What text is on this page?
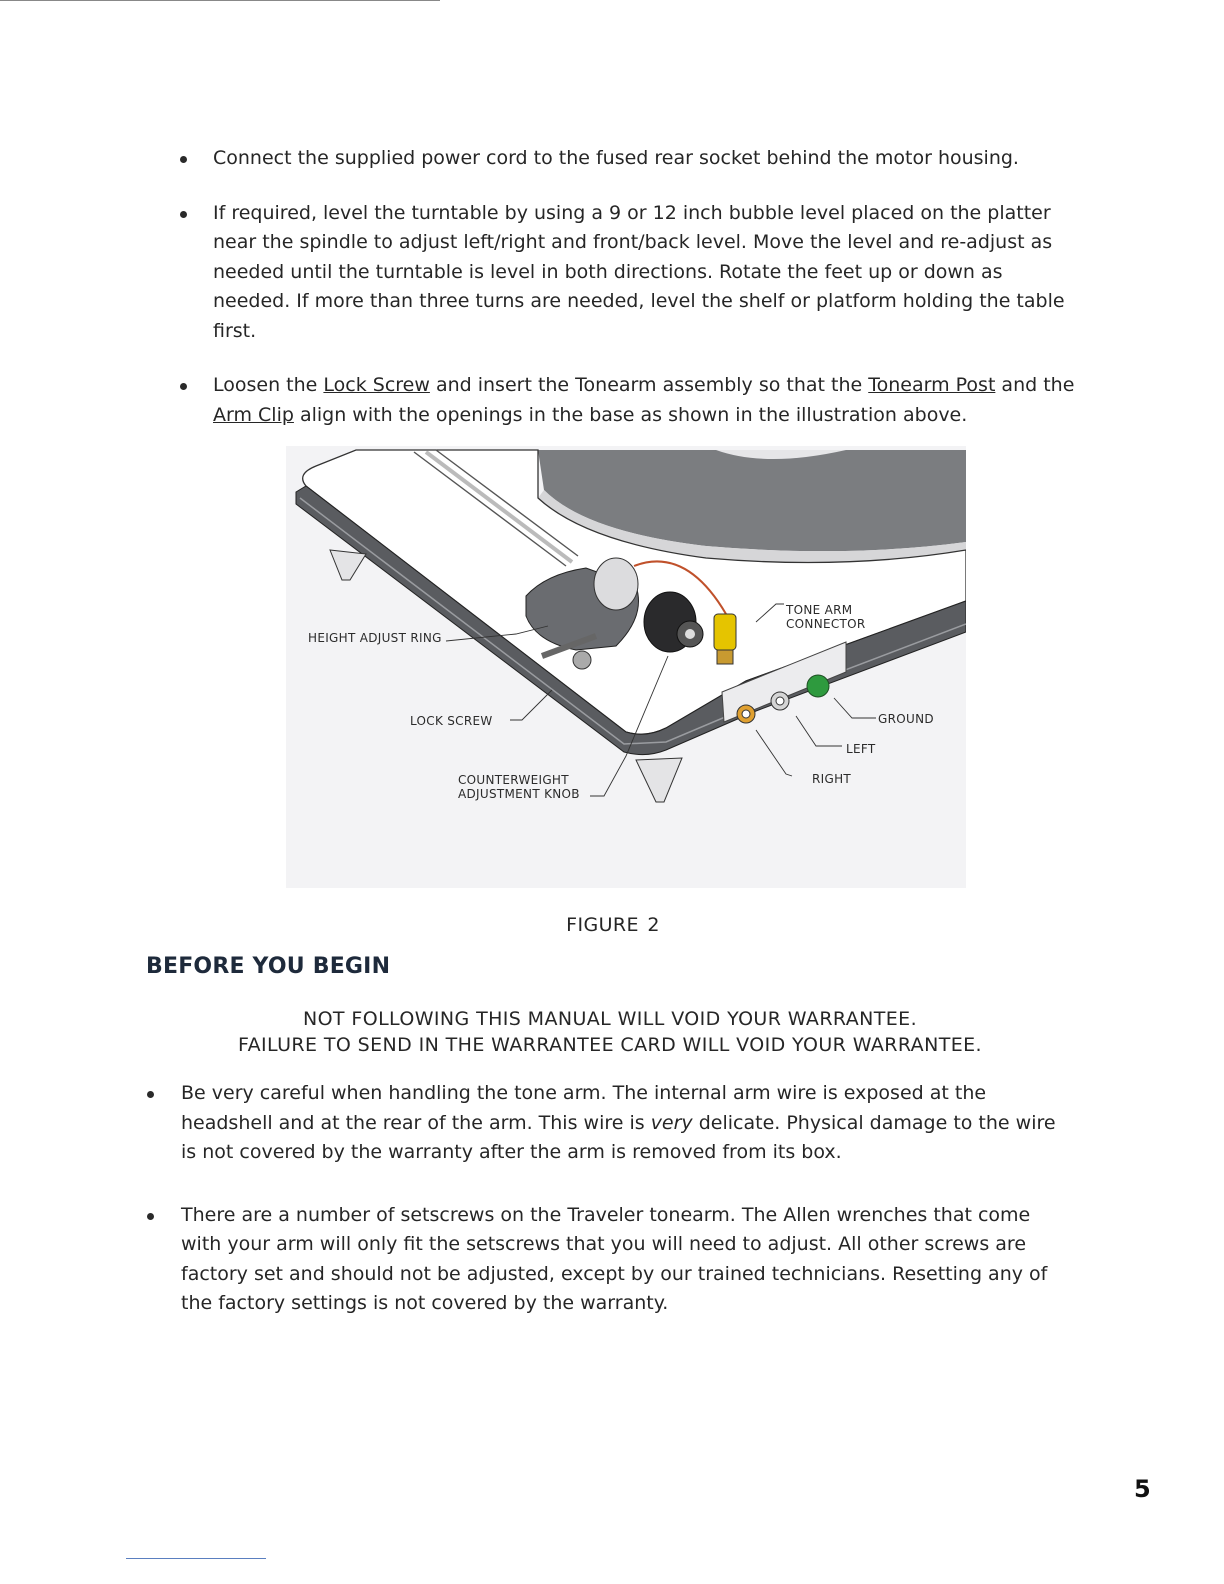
Connect the supplied power cord to the fused rear socket behind the motor housing.
If required, level the turntable by using a 9 or 12 inch bubble level placed on the platter near the spindle to adjust left/right and front/back level. Move the level and re-adjust as needed until the turntable is level in both directions. Rotate the feet up or down as needed. If more than three turns are needed, level the shelf or platform holding the table first.
Loosen the Lock Screw and insert the Tonearm assembly so that the Tonearm Post and the Arm Clip align with the openings in the base as shown in the illustration above.
HEIGHT ADJUST RING
LOCK SCREW
COUNTERWEIGHT
ADJUSTMENT KNOB
TONE ARM
CONNECTOR
GROUND
LEFT
RIGHT
FIGURE 2
BEFORE YOU BEGIN
NOT FOLLOWING THIS MANUAL WILL VOID YOUR WARRANTEE.
FAILURE TO SEND IN THE WARRANTEE CARD WILL VOID YOUR WARRANTEE.
Be very careful when handling the tone arm. The internal arm wire is exposed at the headshell and at the rear of the arm. This wire is very delicate. Physical damage to the wire is not covered by the warranty after the arm is removed from its box.
There are a number of setscrews on the Traveler tonearm. The Allen wrenches that come with your arm will only fit the setscrews that you will need to adjust. All other screws are factory set and should not be adjusted, except by our trained technicians. Resetting any of the factory settings is not covered by the warranty.
5
